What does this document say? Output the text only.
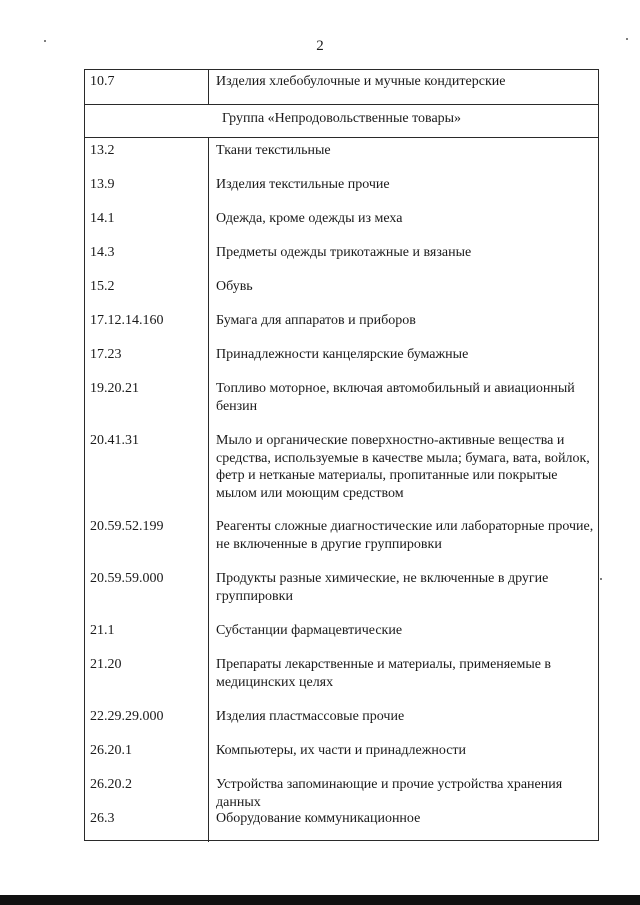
2
10.7	Изделия хлебобулочные и мучные кондитерские
Группа «Непродовольственные товары»
13.2	Ткани текстильные
13.9	Изделия текстильные прочие
14.1	Одежда, кроме одежды из меха
14.3	Предметы одежды трикотажные и вязаные
15.2	Обувь
17.12.14.160	Бумага для аппаратов и приборов
17.23	Принадлежности канцелярские бумажные
19.20.21	Топливо моторное, включая автомобильный и авиационный бензин
20.41.31	Мыло и органические поверхностно-активные вещества и средства, используемые в качестве мыла; бумага, вата, войлок, фетр и нетканые материалы, пропитанные или покрытые мылом или моющим средством
20.59.52.199	Реагенты сложные диагностические или лабораторные прочие, не включенные в другие группировки
20.59.59.000	Продукты разные химические, не включенные в другие группировки
21.1	Субстанции фармацевтические
21.20	Препараты лекарственные и материалы, применяемые в медицинских целях
22.29.29.000	Изделия пластмассовые прочие
26.20.1	Компьютеры, их части и принадлежности
26.20.2	Устройства запоминающие и прочие устройства хранения данных
26.3	Оборудование коммуникационное
